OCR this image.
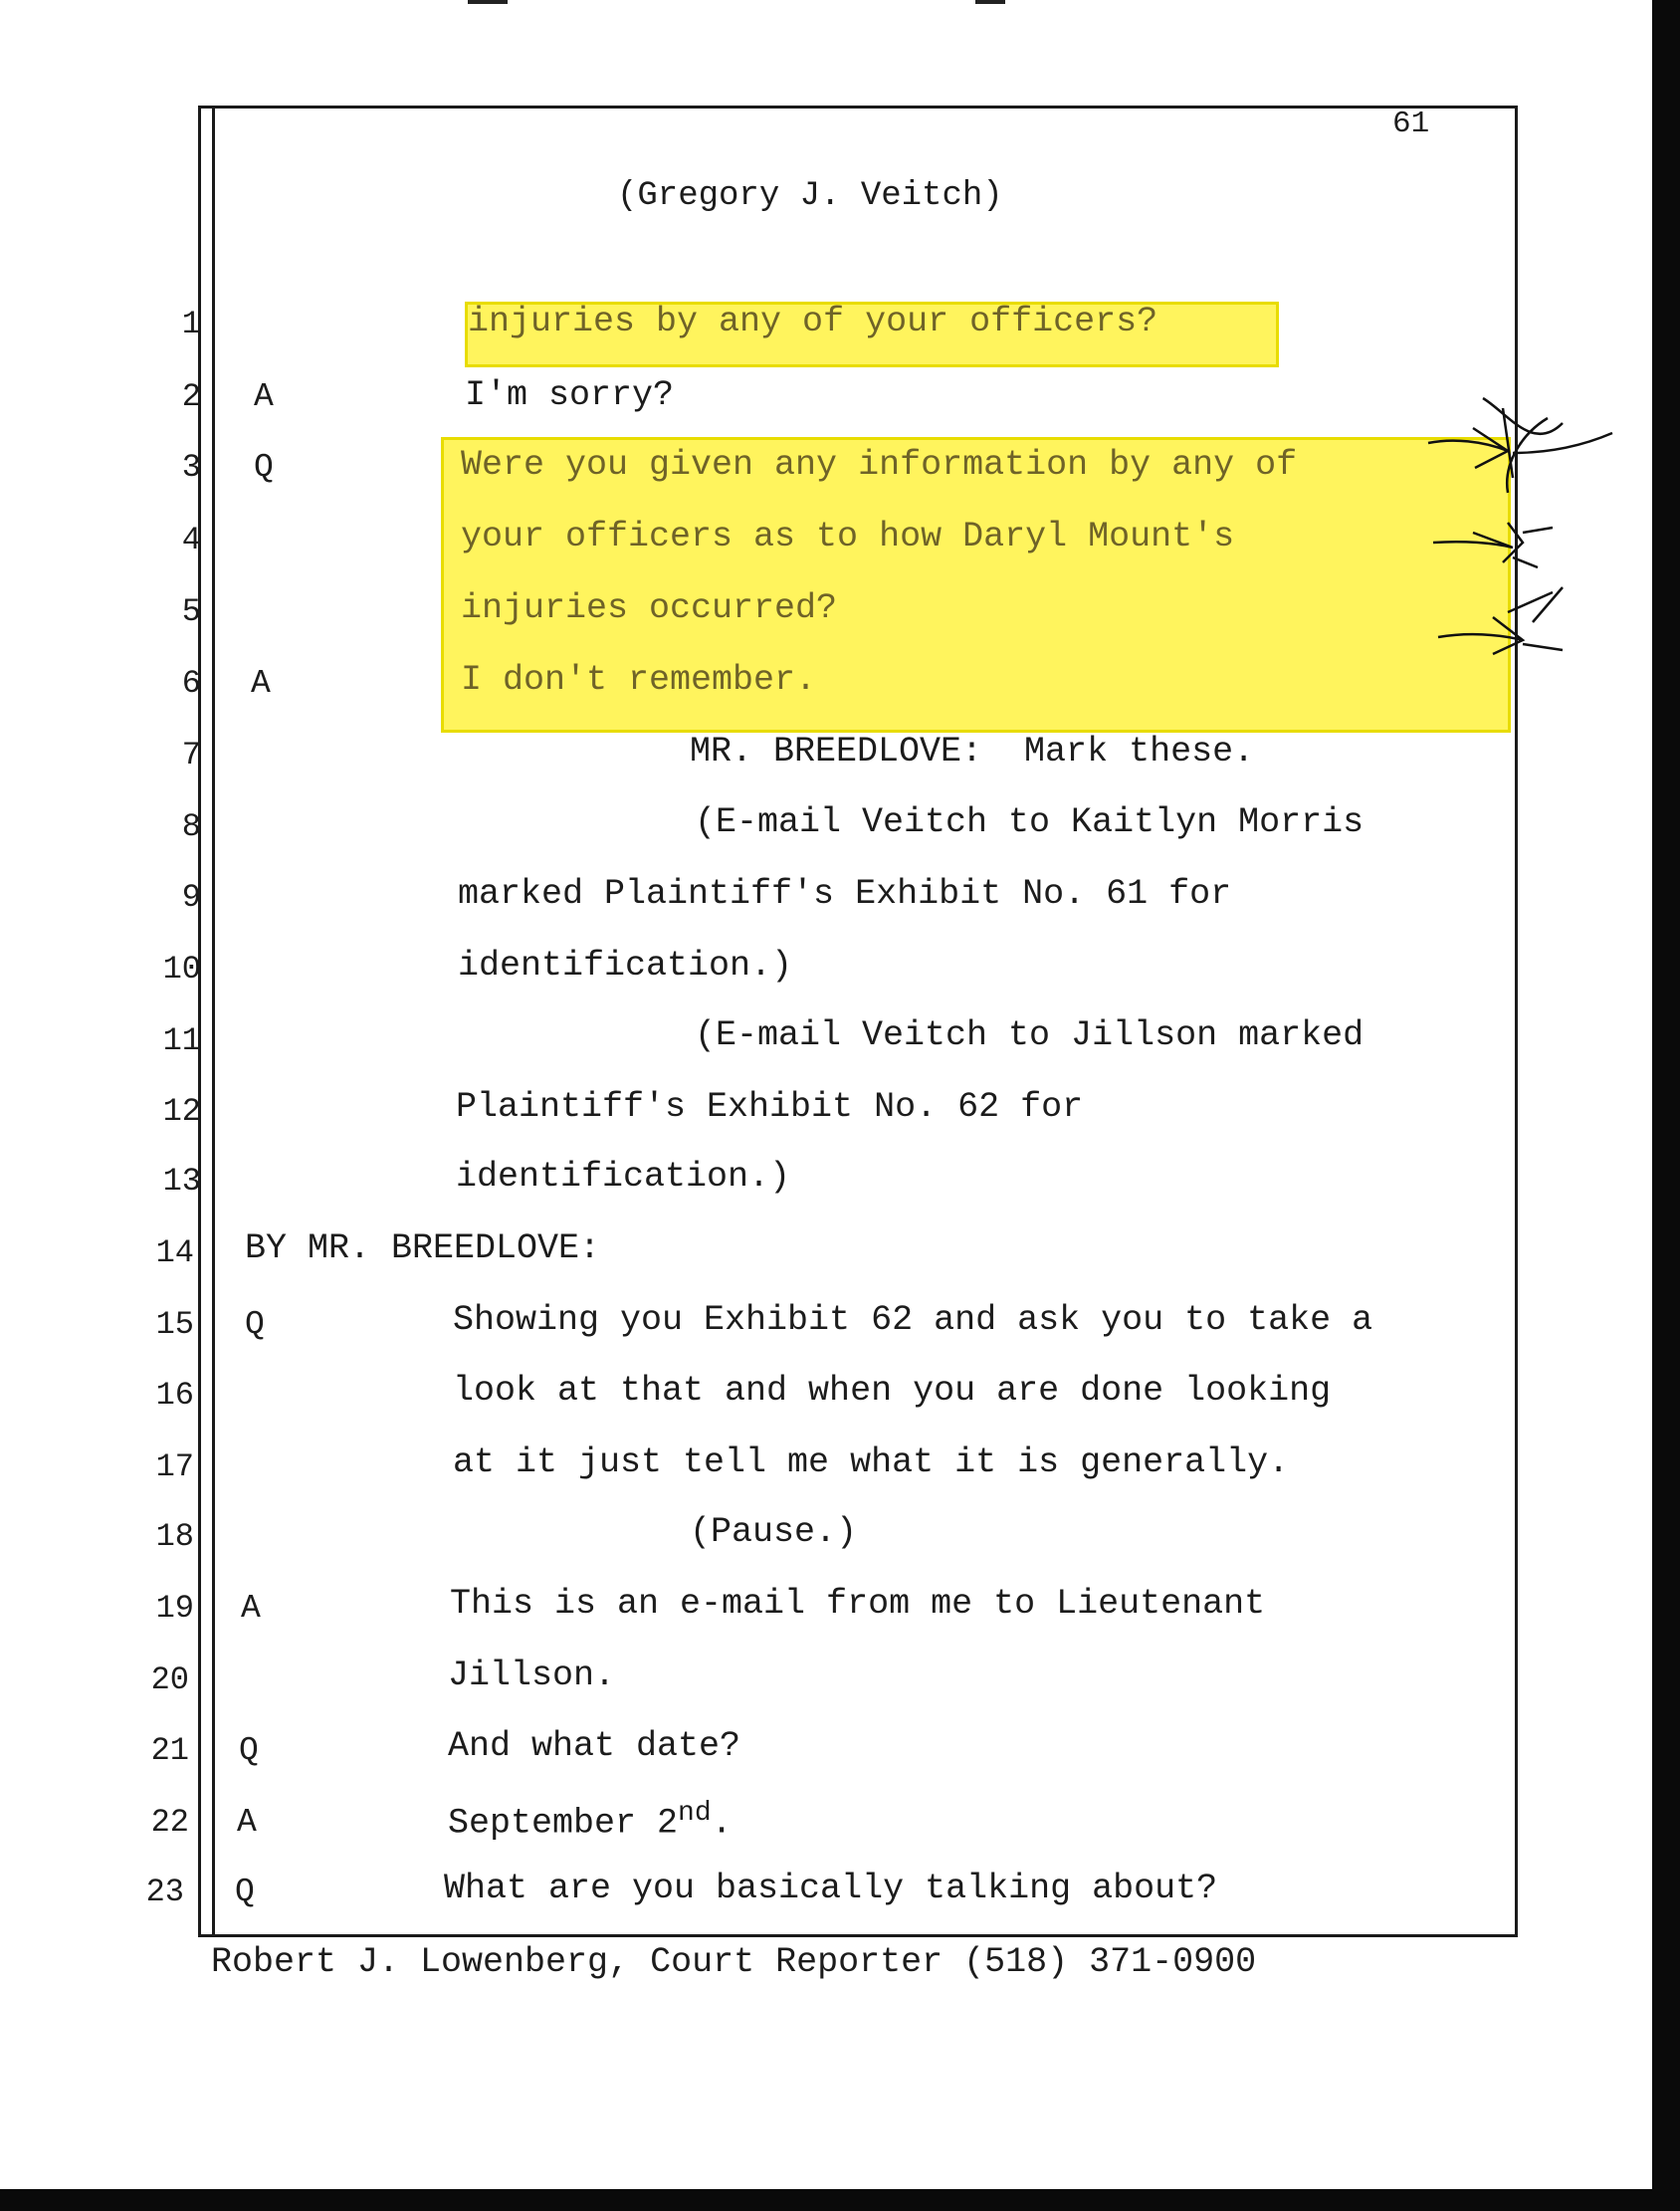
61
(Gregory J. Veitch)
1
2
3
4
5
6
7
8
9
10
11
12
13
14
15
16
17
18
19
20
21
22
23
A
Q
A
Q
A
Q
A
Q
injuries by any of your officers?
I'm sorry?
Were you given any information by any of
your officers as to how Daryl Mount's
injuries occurred?
I don't remember.
MR. BREEDLOVE:  Mark these.
(E-mail Veitch to Kaitlyn Morris
marked Plaintiff's Exhibit No. 61 for
identification.)
(E-mail Veitch to Jillson marked
Plaintiff's Exhibit No. 62 for
identification.)
BY MR. BREEDLOVE:
Showing you Exhibit 62 and ask you to take a
look at that and when you are done looking
at it just tell me what it is generally.
(Pause.)
This is an e-mail from me to Lieutenant
Jillson.
And what date?
September 2nd.
What are you basically talking about?
Robert J. Lowenberg, Court Reporter (518) 371-0900
